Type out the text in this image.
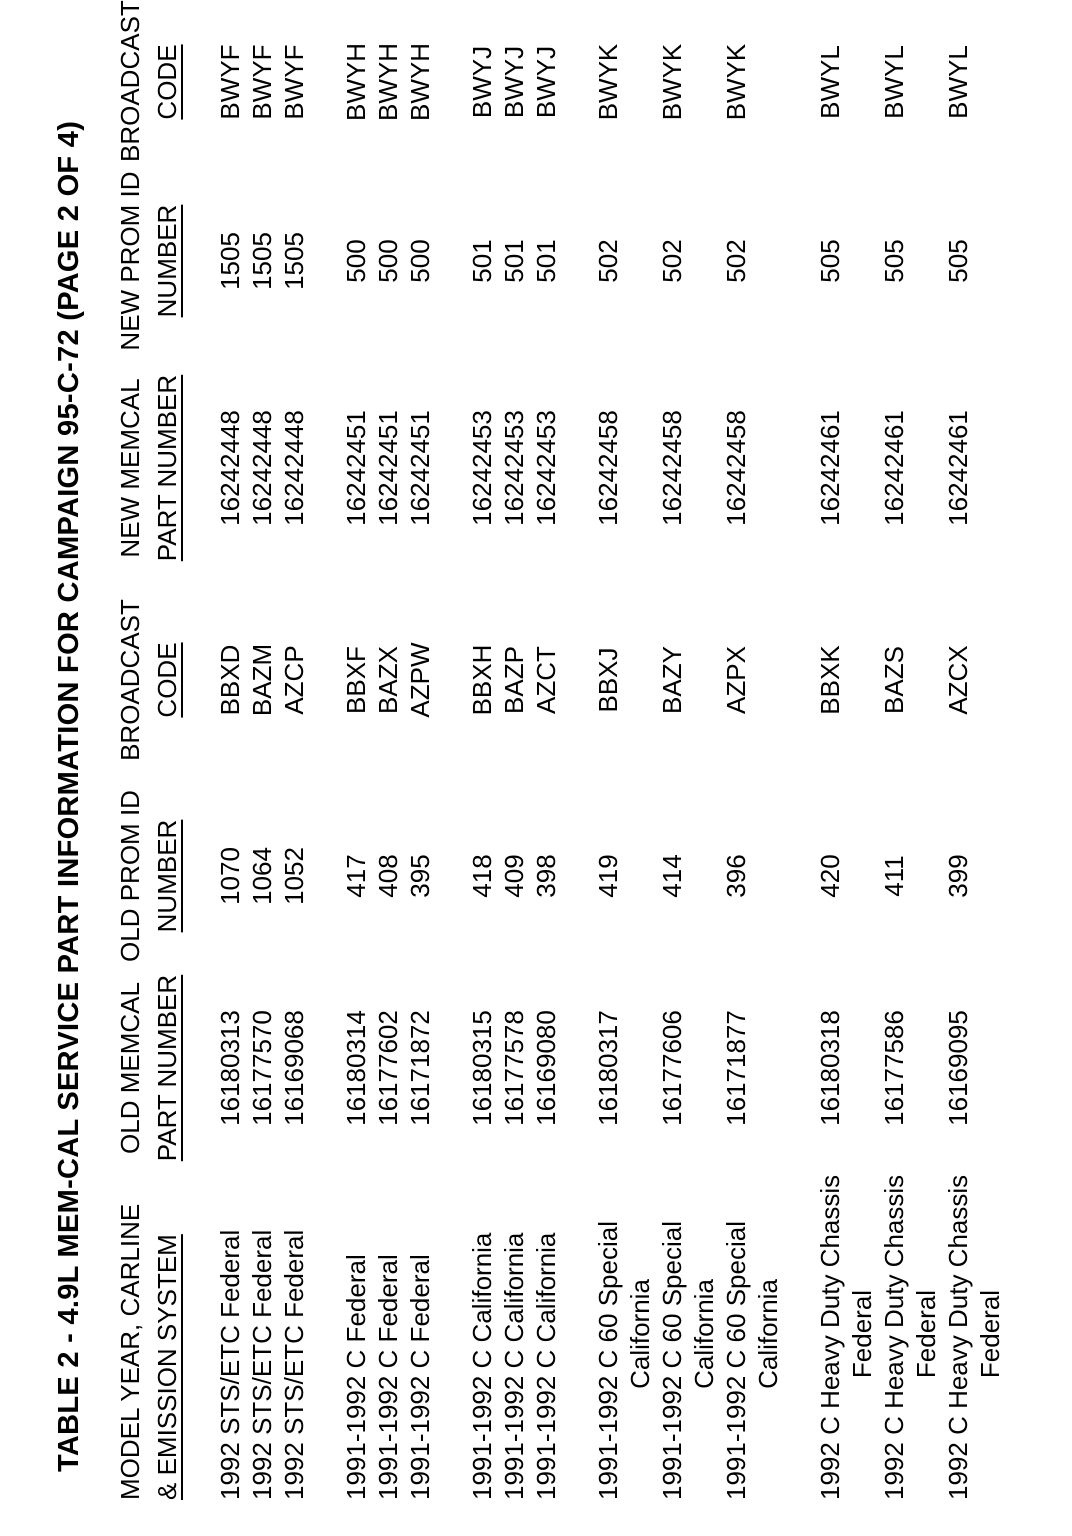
TABLE 2 - 4.9L MEM-CAL SERVICE PART INFORMATION FOR CAMPAIGN 95-C-72 (PAGE 2 OF 4) MODEL YEAR, CARLINE & EMISSION SYSTEM
OLD MEMCAL PART NUMBER
OLD PROM ID NUMBER
BROADCAST CODE
NEW MEMCAL PART NUMBER
NEW PROM ID NUMBER
BROADCAST CODE
1992 STS/ETC Federal
16180313
1070
BBXD
16242448
1505
BWYF
1992 STS/ETC Federal
16177570
1064
BAZM
16242448
1505
BWYF
1992 STS/ETC Federal
16169068
1052
AZCP
16242448
1505
BWYF
1991-1992 C Federal
16180314
417
BBXF
16242451
500
BWYH
1991-1992 C Federal
16177602
408
BAZX
16242451
500
BWYH
1991-1992 C Federal
16171872
395
AZPW
16242451
500
BWYH
1991-1992 C California
16180315
418
BBXH
16242453
501
BWYJ
1991-1992 C California
16177578
409
BAZP
16242453
501
BWYJ
1991-1992 C California
16169080
398
AZCT
16242453
501
BWYJ
1991-1992 C 60 Special California
16180317
419
BBXJ
16242458
502
BWYK
1991-1992 C 60 Special California
16177606
414
BAZY
16242458
502
BWYK
1991-1992 C 60 Special California
16171877
396
AZPX
16242458
502
BWYK
1992 C Heavy Duty Chassis Federal
16180318
420
BBXK
16242461
505
BWYL
1992 C Heavy Duty Chassis Federal
16177586
411
BAZS
16242461
505
BWYL
1992 C Heavy Duty Chassis Federal
16169095
399
AZCX
16242461
505
BWYL
